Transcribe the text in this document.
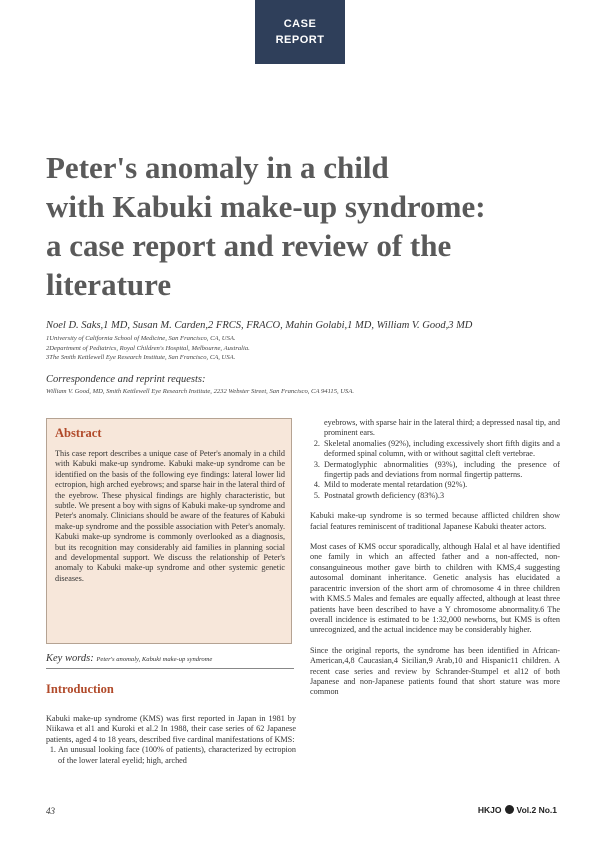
CASE
REPORT
Peter's anomaly in a child
with Kabuki make-up syndrome:
a case report and review of the
literature
Noel D. Saks,1 MD, Susan M. Carden,2 FRCS, FRACO, Mahin Golabi,1 MD, William V. Good,3 MD
1University of California School of Medicine, San Francisco, CA, USA.
2Department of Pediatrics, Royal Children's Hospital, Melbourne, Australia.
3The Smith Kettlewell Eye Research Institute, San Francisco, CA, USA.
Correspondence and reprint requests:
William V. Good, MD, Smith Kettlewell Eye Research Institute, 2232 Webster Street, San Francisco, CA 94115, USA.
Abstract
This case report describes a unique case of Peter's anomaly in a child with Kabuki make-up syndrome. Kabuki make-up syndrome can be identified on the basis of the following eye findings: lateral lower lid ectropion, high arched eyebrows; and sparse hair in the lateral third of the eyebrow. These physical findings are highly characteristic, but subtle. We present a boy with signs of Kabuki make-up syndrome and Peter's anomaly. Clinicians should be aware of the features of Kabuki make-up syndrome and the possible association with Peter's anomaly. Kabuki make-up syndrome is commonly overlooked as a diagnosis, but its recognition may considerably aid families in planning social and developmental support. We discuss the relationship of Peter's anomaly to Kabuki make-up syndrome and other systemic genetic diseases.
Key words: Peter's anomaly, Kabuki make-up syndrome
Introduction
Kabuki make-up syndrome (KMS) was first reported in Japan in 1981 by Niikawa et al1 and Kuroki et al.2 In 1988, their case series of 62 Japanese patients, aged 4 to 18 years, described five cardinal manifestations of KMS:
1. An unusual looking face (100% of patients), characterized by ectropion of the lower lateral eyelid; high, arched

eyebrows, with sparse hair in the lateral third; a depressed nasal tip, and prominent ears.

2. Skeletal anomalies (92%), including excessively short fifth digits and a deformed spinal column, with or without sagittal cleft vertebrae.
3. Dermatoglyphic abnormalities (93%), including the presence of fingertip pads and deviations from normal fingertip patterns.
4. Mild to moderate mental retardation (92%).
5. Postnatal growth deficiency (83%).3

Kabuki make-up syndrome is so termed because afflicted children show facial features reminiscent of traditional Japanese Kabuki theater actors.

Most cases of KMS occur sporadically, although Halal et al have identified one family in which an affected father and a non-affected, non-consanguineous mother gave birth to children with KMS,4 suggesting autosomal dominant inheritance. Genetic analysis has elucidated a paracentric inversion of the short arm of chromosome 4 in three children with KMS.5 Males and females are equally affected, although at least three patients have been described to have a Y chromosome abnormality.6 The overall incidence is estimated to be 1:32,000 newborns, but KMS is often unrecognized, and the actual incidence may be considerably higher.

Since the original reports, the syndrome has been identified in African-American,4,8 Caucasian,4 Sicilian,9 Arab,10 and Hispanic11 children. A recent case series and review by Schrander-Stumpel et al12 of both Japanese and non-Japanese patients found that short stature was more common

43	HKJO Vol.2 No.1
